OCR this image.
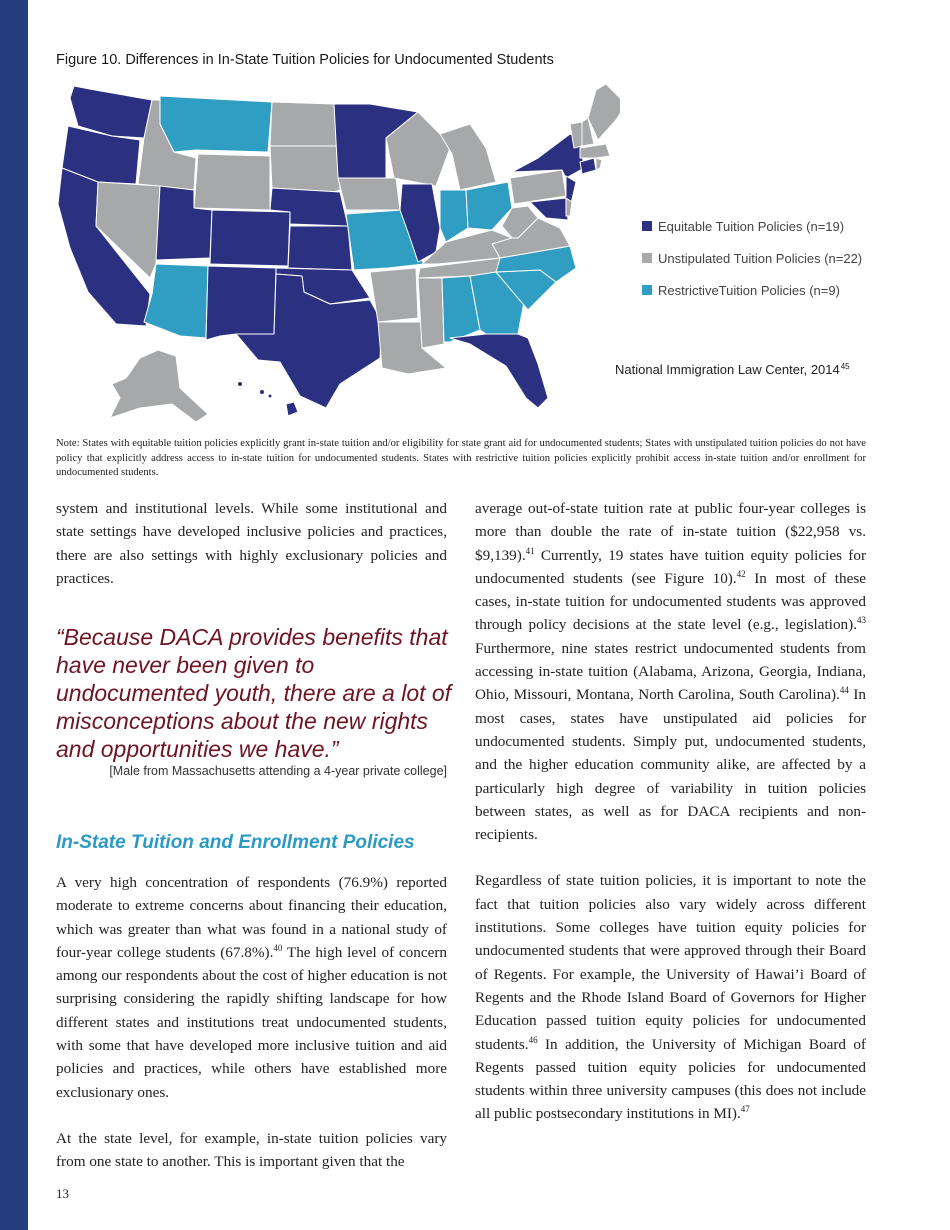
Figure 10. Differences in In-State Tuition Policies for Undocumented Students
Equitable Tuition Policies (n=19)
Unstipulated Tuition Policies (n=22)
RestrictiveTuition Policies (n=9)
National Immigration Law Center, 2014$^{45}$
Note: States with equitable tuition policies explicitly grant in-state tuition and/or eligibility for state grant aid for undocumented students; States with unstipulated tuition policies do not have policy that explicitly address access to in-state tuition for undocumented students. States with restrictive tuition policies explicitly prohibit access in-state tuition and/or enrollment for undocumented students.

system and institutional levels. While some institutional and state settings have developed inclusive policies and practices, there are also settings with highly exclusionary policies and practices.

“Because DACA provides benefits that have never been given to undocumented youth, there are a lot of misconceptions about the new rights and opportunities we have.”
[Male from Massachusetts attending a 4-year private college]
In-State Tuition and Enrollment Policies

A very high concentration of respondents (76.9%) reported moderate to extreme concerns about financing their education, which was greater than what was found in a national study of four-year college students (67.8%).$^{40}$ The high level of concern among our respondents about the cost of higher education is not surprising considering the rapidly shifting landscape for how different states and institutions treat undocumented students, with some that have developed more inclusive tuition and aid policies and practices, while others have established more exclusionary ones.

At the state level, for example, in-state tuition policies vary from one state to another. This is important given that the

average out-of-state tuition rate at public four-year colleges is more than double the rate of in-state tuition ($22,958 vs. $9,139).$^{41}$ Currently, 19 states have tuition equity policies for undocumented students (see Figure 10).$^{42}$ In most of these cases, in-state tuition for undocumented students was approved through policy decisions at the state level (e.g., legislation).$^{43}$ Furthermore, nine states restrict undocumented students from accessing in-state tuition (Alabama, Arizona, Georgia, Indiana, Ohio, Missouri, Montana, North Carolina, South Carolina).$^{44}$ In most cases, states have unstipulated aid policies for undocumented students. Simply put, undocumented students, and the higher education community alike, are affected by a particularly high degree of variability in tuition policies between states, as well as for DACA recipients and non-recipients.

Regardless of state tuition policies, it is important to note the fact that tuition policies also vary widely across different institutions. Some colleges have tuition equity policies for undocumented students that were approved through their Board of Regents. For example, the University of Hawai’i Board of Regents and the Rhode Island Board of Governors for Higher Education passed tuition equity policies for undocumented students.$^{46}$ In addition, the University of Michigan Board of Regents passed tuition equity policies for undocumented students within three university campuses (this does not include all public postsecondary institutions in MI).$^{47}$

13
